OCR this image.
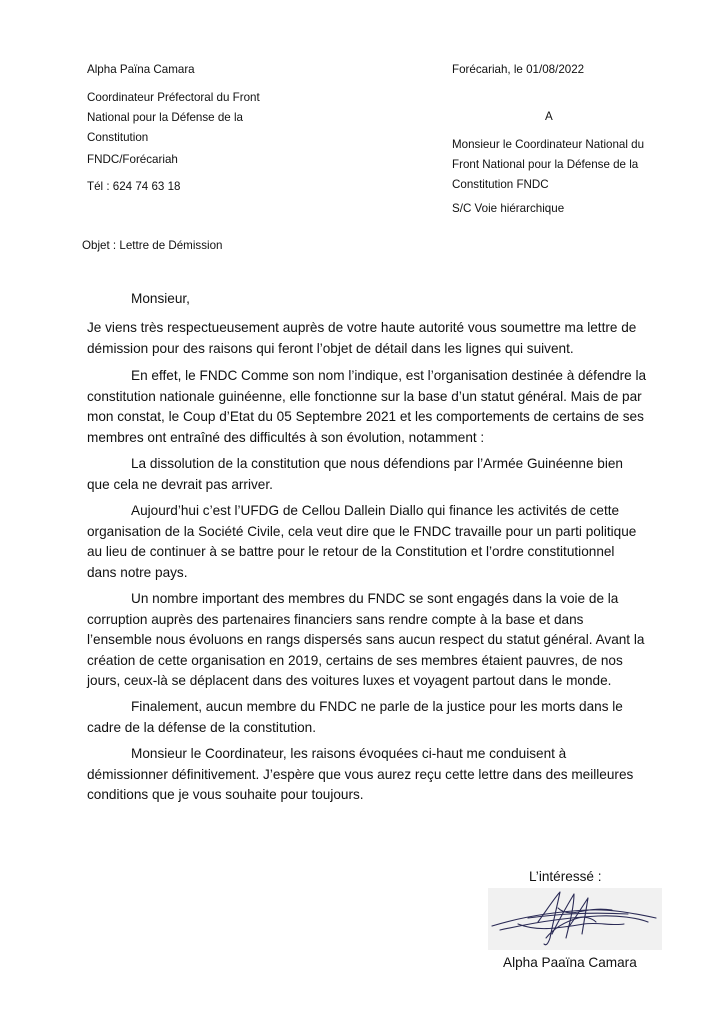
Alpha Païna Camara
Coordinateur Préfectoral du Front National pour la Défense de la Constitution
FNDC/Forécariah
Tél : 624 74 63 18
Forécariah, le 01/08/2022
A
Monsieur le Coordinateur National du Front National pour la Défense de la Constitution FNDC
S/C Voie hiérarchique
Objet : Lettre de Démission
Monsieur,

Je viens très respectueusement auprès de votre haute autorité vous soumettre ma lettre de démission pour des raisons qui feront l’objet de détail dans les lignes qui suivent.

En effet, le FNDC Comme son nom l’indique, est l’organisation destinée à défendre la constitution nationale guinéenne, elle fonctionne sur la base d’un statut général. Mais de par mon constat, le Coup d’Etat du 05 Septembre 2021 et les comportements de certains de ses membres ont entraîné des difficultés à son évolution, notamment :

La dissolution de la constitution que nous défendions par l’Armée Guinéenne bien que cela ne devrait pas arriver.

Aujourd’hui c’est l’UFDG de Cellou Dallein Diallo qui finance les activités de cette organisation de la Société Civile, cela veut dire que le FNDC travaille pour un parti politique au lieu de continuer à se battre pour le retour de la Constitution et l’ordre constitutionnel dans notre pays.

Un nombre important des membres du FNDC se sont engagés dans la voie de la corruption auprès des partenaires financiers sans rendre compte à la base et dans l’ensemble nous évoluons en rangs dispersés sans aucun respect du statut général. Avant la création de cette organisation en 2019, certains de ses membres étaient pauvres, de nos jours, ceux-là se déplacent dans des voitures luxes et voyagent partout dans le monde.

Finalement, aucun membre du FNDC ne parle de la justice pour les morts dans le cadre de la défense de la constitution.

Monsieur le Coordinateur, les raisons évoquées ci-haut me conduisent à démissionner définitivement. J’espère que vous aurez reçu cette lettre dans des meilleures conditions que je vous souhaite pour toujours.

L’intéressé :
Alpha Paaïna Camara
